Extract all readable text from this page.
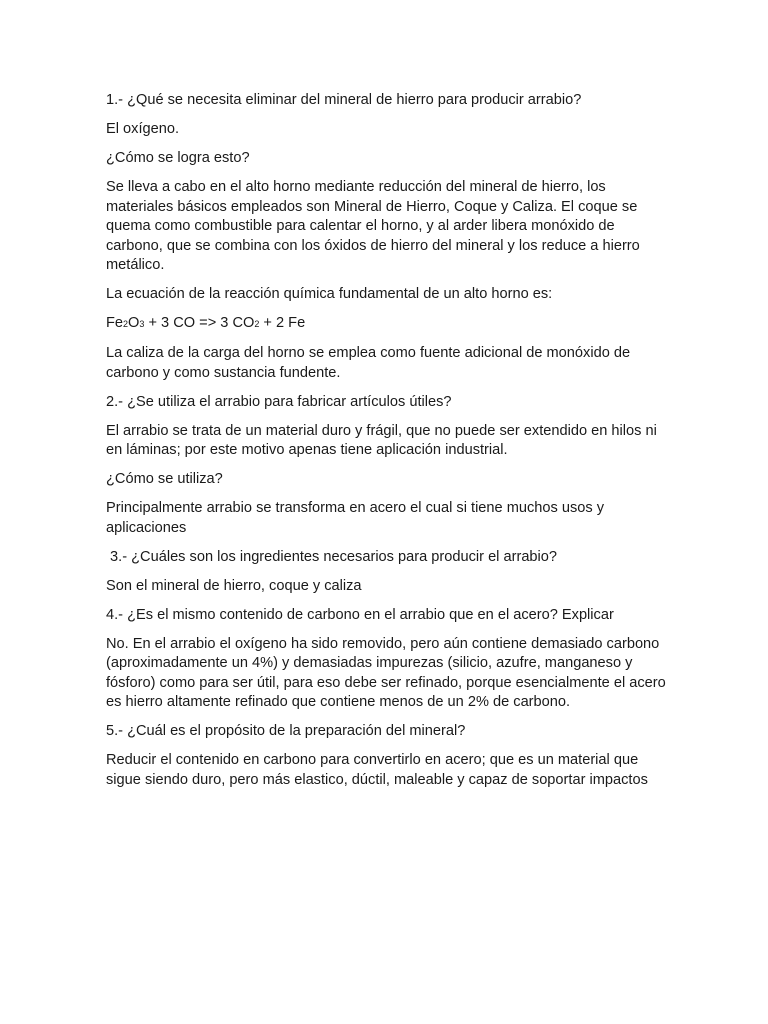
1.- ¿Qué se necesita eliminar del mineral de hierro para producir arrabio?

El oxígeno.

¿Cómo se logra esto?

Se lleva a cabo en el alto horno mediante reducción del mineral de hierro, los materiales básicos empleados son Mineral de Hierro, Coque y Caliza. El coque se quema como combustible para calentar el horno, y al arder libera monóxido de carbono, que se combina con los óxidos de hierro del mineral y los reduce a hierro metálico.

La ecuación de la reacción química fundamental de un alto horno es:

Fe2O3 + 3 CO => 3 CO2 + 2 Fe

La caliza de la carga del horno se emplea como fuente adicional de monóxido de carbono y como sustancia fundente.

2.- ¿Se utiliza el arrabio para fabricar artículos útiles?

El arrabio se trata de un material duro y frágil, que no puede ser extendido en hilos ni en láminas; por este motivo apenas tiene aplicación industrial.

¿Cómo se utiliza?

Principalmente arrabio se transforma en acero el cual si tiene muchos usos y aplicaciones

3.- ¿Cuáles son los ingredientes necesarios para producir el arrabio?

Son el mineral de hierro, coque y caliza

4.- ¿Es el mismo contenido de carbono en el arrabio que en el acero? Explicar

No. En el arrabio el oxígeno ha sido removido, pero aún contiene demasiado carbono (aproximadamente un 4%) y demasiadas impurezas (silicio, azufre, manganeso y fósforo) como para ser útil, para eso debe ser refinado, porque esencialmente el acero es hierro altamente refinado que contiene menos de un 2% de carbono.

5.- ¿Cuál es el propósito de la preparación del mineral?

Reducir el contenido en carbono para convertirlo en acero; que es un material que sigue siendo duro, pero más elastico, dúctil, maleable y capaz de soportar impactos
